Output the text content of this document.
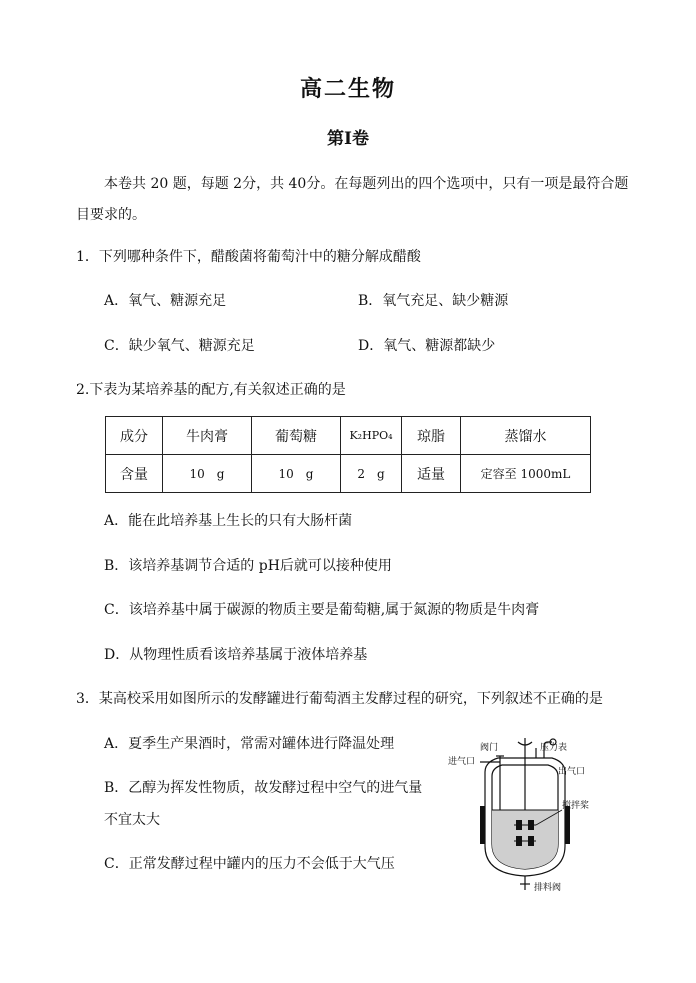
高二生物
第Ⅰ卷
本卷共 20 题，每题 2分，共 40分。在每题列出的四个选项中，只有一项是最符合题
目要求的。
1．下列哪种条件下，醋酸菌将葡萄汁中的糖分解成醋酸
A．氧气、糖源充足	B．氧气充足、缺少糖源
C．缺少氧气、糖源充足	D．氧气、糖源都缺少
2.下表为某培养基的配方,有关叙述正确的是
成分	牛肉膏	葡萄糖	K₂HPO₄	琼脂	蒸馏水
含量	10　g	10　g	2　g	适量	定容至 1000mL
A．能在此培养基上生长的只有大肠杆菌
B．该培养基调节合适的 pH后就可以接种使用
C．该培养基中属于碳源的物质主要是葡萄糖,属于氮源的物质是牛肉膏
D．从物理性质看该培养基属于液体培养基
3．某高校采用如图所示的发酵罐进行葡萄酒主发酵过程的研究，下列叙述不正确的是
A．夏季生产果酒时，常需对罐体进行降温处理
B．乙醇为挥发性物质，故发酵过程中空气的进气量
不宜太大
C．正常发酵过程中罐内的压力不会低于大气压
阀门
进气口
压力表
出气口
搅拌桨
排料阀
